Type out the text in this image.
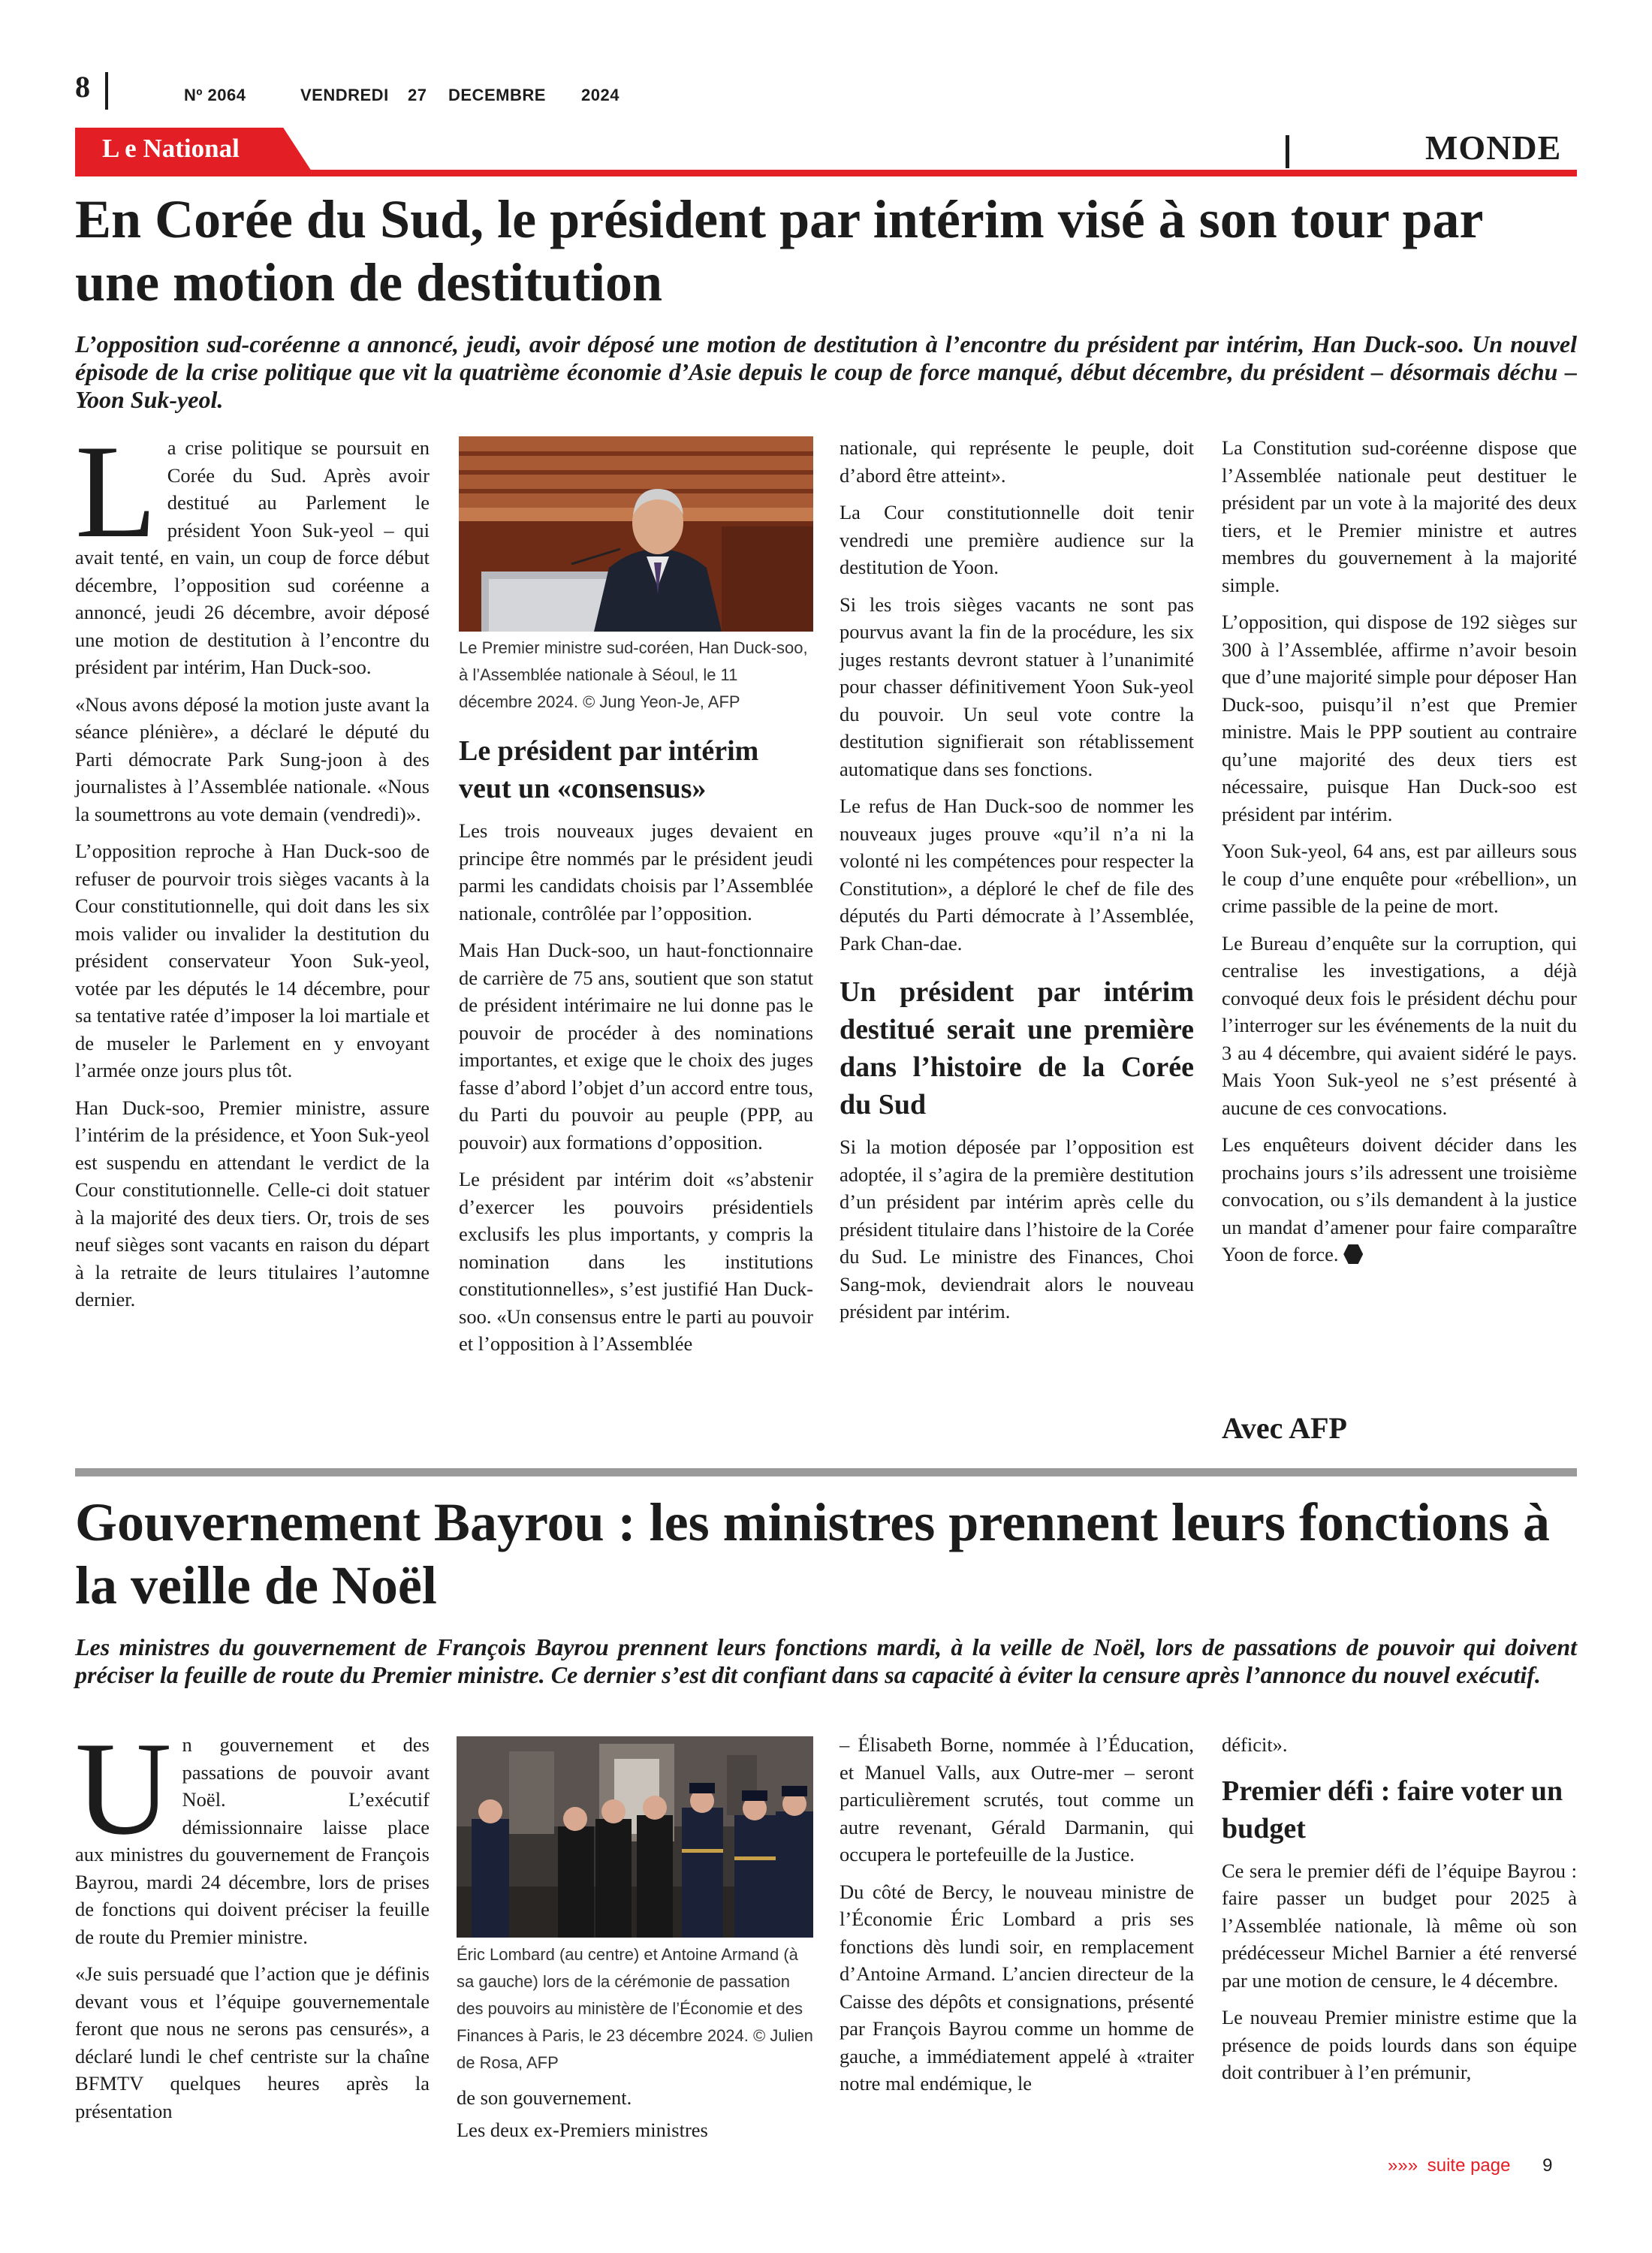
8	Nº 2064	VENDREDI 27 DECEMBRE 2024
L e National	MONDE
En Corée du Sud, le président par intérim visé à son tour par une motion de destitution

L’opposition sud-coréenne a annoncé, jeudi, avoir déposé une motion de destitution à l’encontre du président par intérim, Han Duck-soo. Un nouvel épisode de la crise politique que vit la quatrième économie d’Asie depuis le coup de force manqué, début décembre, du président – désormais déchu – Yoon Suk-yeol.

La crise politique se poursuit en Corée du Sud. Après avoir destitué au Parlement le président Yoon Suk-yeol – qui avait tenté, en vain, un coup de force début décembre, l’opposition sud coréenne a annoncé, jeudi 26 décembre, avoir déposé une motion de destitution à l’encontre du président par intérim, Han Duck-soo.

«Nous avons déposé la motion juste avant la séance plénière», a déclaré le député du Parti démocrate Park Sung-joon à des journalistes à l’Assemblée nationale. «Nous la soumettrons au vote demain (vendredi)».

L’opposition reproche à Han Duck-soo de refuser de pourvoir trois sièges vacants à la Cour constitutionnelle, qui doit dans les six mois valider ou invalider la destitution du président conservateur Yoon Suk-yeol, votée par les députés le 14 décembre, pour sa tentative ratée d’imposer la loi martiale et de museler le Parlement en y envoyant l’armée onze jours plus tôt.

Han Duck-soo, Premier ministre, assure l’intérim de la présidence, et Yoon Suk-yeol est suspendu en attendant le verdict de la Cour constitutionnelle. Celle-ci doit statuer à la majorité des deux tiers. Or, trois de ses neuf sièges sont vacants en raison du départ à la retraite de leurs titulaires l’automne dernier.

Le Premier ministre sud-coréen, Han Duck-soo, à l’Assemblée nationale à Séoul, le 11 décembre 2024. © Jung Yeon-Je, AFP

Le président par intérim veut un «consensus»

Les trois nouveaux juges devaient en principe être nommés par le président jeudi parmi les candidats choisis par l’Assemblée nationale, contrôlée par l’opposition.

Mais Han Duck-soo, un haut-fonctionnaire de carrière de 75 ans, soutient que son statut de président intérimaire ne lui donne pas le pouvoir de procéder à des nominations importantes, et exige que le choix des juges fasse d’abord l’objet d’un accord entre tous, du Parti du pouvoir au peuple (PPP, au pouvoir) aux formations d’opposition.

Le président par intérim doit «s’abstenir d’exercer les pouvoirs présidentiels exclusifs les plus importants, y compris la nomination dans les institutions constitutionnelles», s’est justifié Han Duck-soo. «Un consensus entre le parti au pouvoir et l’opposition à l’Assemblée

nationale, qui représente le peuple, doit d’abord être atteint».

La Cour constitutionnelle doit tenir vendredi une première audience sur la destitution de Yoon.

Si les trois sièges vacants ne sont pas pourvus avant la fin de la procédure, les six juges restants devront statuer à l’unanimité pour chasser définitivement Yoon Suk-yeol du pouvoir. Un seul vote contre la destitution signifierait son rétablissement automatique dans ses fonctions.

Le refus de Han Duck-soo de nommer les nouveaux juges prouve «qu’il n’a ni la volonté ni les compétences pour respecter la Constitution», a déploré le chef de file des députés du Parti démocrate à l’Assemblée, Park Chan-dae.

Un président par intérim destitué serait une première dans l’histoire de la Corée du Sud

Si la motion déposée par l’opposition est adoptée, il s’agira de la première destitution d’un président par intérim après celle du président titulaire dans l’histoire de la Corée du Sud. Le ministre des Finances, Choi Sang-mok, deviendrait alors le nouveau président par intérim.

La Constitution sud-coréenne dispose que l’Assemblée nationale peut destituer le président par un vote à la majorité des deux tiers, et le Premier ministre et autres membres du gouvernement à la majorité simple.

L’opposition, qui dispose de 192 sièges sur 300 à l’Assemblée, affirme n’avoir besoin que d’une majorité simple pour déposer Han Duck-soo, puisqu’il n’est que Premier ministre. Mais le PPP soutient au contraire qu’une majorité des deux tiers est nécessaire, puisque Han Duck-soo est président par intérim.

Yoon Suk-yeol, 64 ans, est par ailleurs sous le coup d’une enquête pour «rébellion», un crime passible de la peine de mort.

Le Bureau d’enquête sur la corruption, qui centralise les investigations, a déjà convoqué deux fois le président déchu pour l’interroger sur les événements de la nuit du 3 au 4 décembre, qui avaient sidéré le pays. Mais Yoon Suk-yeol ne s’est présenté à aucune de ces convocations.

Les enquêteurs doivent décider dans les prochains jours s’ils adressent une troisième convocation, ou s’ils demandent à la justice un mandat d’amener pour faire comparaître Yoon de force.

Avec AFP
Gouvernement Bayrou : les ministres prennent leurs fonctions à la veille de Noël

Les ministres du gouvernement de François Bayrou prennent leurs fonctions mardi, à la veille de Noël, lors de passations de pouvoir qui doivent préciser la feuille de route du Premier ministre. Ce dernier s’est dit confiant dans sa capacité à éviter la censure après l’annonce du nouvel exécutif.

Un gouvernement et des passations de pouvoir avant Noël. L’exécutif démissionnaire laisse place aux ministres du gouvernement de François Bayrou, mardi 24 décembre, lors de prises de fonctions qui doivent préciser la feuille de route du Premier ministre.

«Je suis persuadé que l’action que je définis devant vous et l’équipe gouvernementale feront que nous ne serons pas censurés», a déclaré lundi le chef centriste sur la chaîne BFMTV quelques heures après la présentation

Éric Lombard (au centre) et Antoine Armand (à sa gauche) lors de la cérémonie de passation des pouvoirs au ministère de l’Économie et des Finances à Paris, le 23 décembre 2024. © Julien de Rosa, AFP

de son gouvernement.

Les deux ex-Premiers ministres

– Élisabeth Borne, nommée à l’Éducation, et Manuel Valls, aux Outre-mer – seront particulièrement scrutés, tout comme un autre revenant, Gérald Darmanin, qui occupera le portefeuille de la Justice.

Du côté de Bercy, le nouveau ministre de l’Économie Éric Lombard a pris ses fonctions dès lundi soir, en remplacement d’Antoine Armand. L’ancien directeur de la Caisse des dépôts et consignations, présenté par François Bayrou comme un homme de gauche, a immédiatement appelé à «traiter notre mal endémique, le

déficit».

Premier défi : faire voter un budget

Ce sera le premier défi de l’équipe Bayrou : faire passer un budget pour 2025 à l’Assemblée nationale, là même où son prédécesseur Michel Barnier a été renversé par une motion de censure, le 4 décembre.

Le nouveau Premier ministre estime que la présence de poids lourds dans son équipe doit contribuer à l’en prémunir,

»»» suite page 9
